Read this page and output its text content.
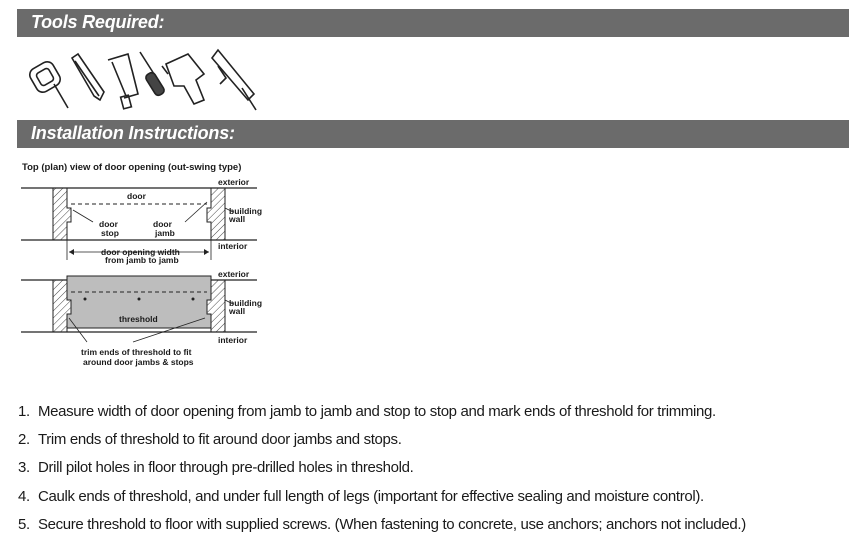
Tools Required:
Installation Instructions:
Top (plan) view of door opening (out-swing type)
exterior
door
door
stop
door
jamb
building
wall
interior
door opening width
from jamb to jamb
exterior
threshold
building
wall
interior
trim ends of threshold to fit
around door jambs & stops
1. Measure width of door opening from jamb to jamb and stop to stop and mark ends of threshold for trimming.
2. Trim ends of threshold to fit around door jambs and stops.
3. Drill pilot holes in floor through pre-drilled holes in threshold.
4. Caulk ends of threshold, and under full length of legs (important for effective sealing and moisture control).
5. Secure threshold to floor with supplied screws. (When fastening to concrete, use anchors; anchors not included.)
